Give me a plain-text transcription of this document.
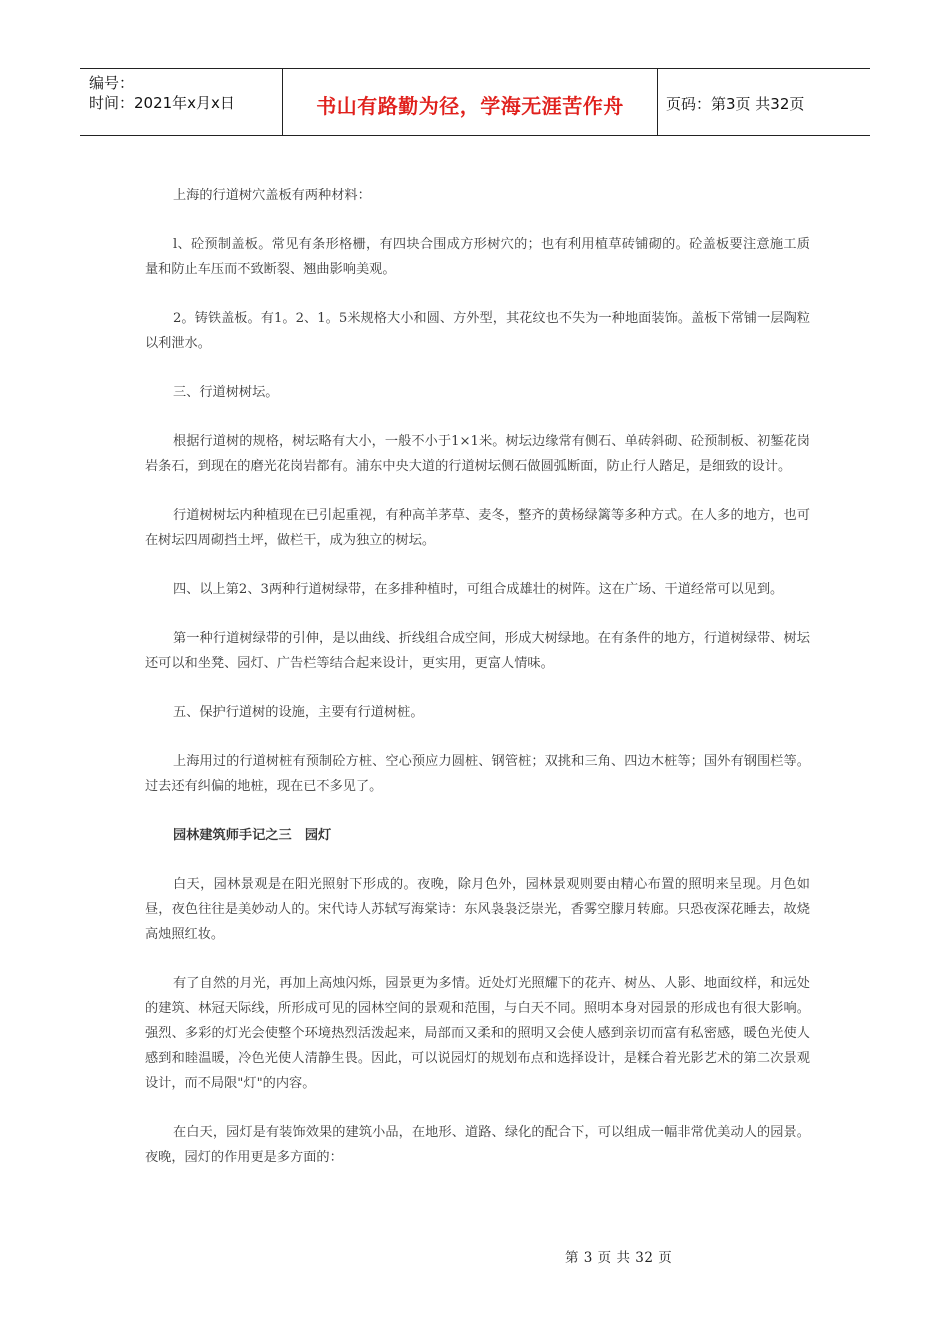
编号：
时间：2021年x月x日	书山有路勤为径，学海无涯苦作舟	页码：第3页 共32页

上海的行道树穴盖板有两种材料：

l、砼预制盖板。常见有条形格栅，有四块合围成方形树穴的；也有利用植草砖铺砌的。砼盖板要注意施工质量和防止车压而不致断裂、翘曲影响美观。

2。铸铁盖板。有1。2、1。5米规格大小和圆、方外型，其花纹也不失为一种地面装饰。盖板下常铺一层陶粒以利泄水。

三、行道树树坛。

根据行道树的规格，树坛略有大小，一般不小于1×1米。树坛边缘常有侧石、单砖斜砌、砼预制板、初錾花岗岩条石，到现在的磨光花岗岩都有。浦东中央大道的行道树坛侧石做圆弧断面，防止行人踏足，是细致的设计。

行道树树坛内种植现在已引起重视，有种高羊茅草、麦冬，整齐的黄杨绿篱等多种方式。在人多的地方，也可在树坛四周砌挡土坪，做栏干，成为独立的树坛。

四、以上第2、3两种行道树绿带，在多排种植时，可组合成雄壮的树阵。这在广场、干道经常可以见到。

第一种行道树绿带的引伸，是以曲线、折线组合成空间，形成大树绿地。在有条件的地方，行道树绿带、树坛还可以和坐凳、园灯、广告栏等结合起来设计，更实用，更富人情味。

五、保护行道树的设施，主要有行道树桩。

上海用过的行道树桩有预制砼方桩、空心预应力圆桩、钢管桩；双挑和三角、四边木桩等；国外有钢围栏等。过去还有纠偏的地桩，现在已不多见了。

园林建筑师手记之三　园灯

白天，园林景观是在阳光照射下形成的。夜晚，除月色外，园林景观则要由精心布置的照明来呈现。月色如昼，夜色往往是美妙动人的。宋代诗人苏轼写海棠诗：东风袅袅泛崇光，香雾空朦月转廊。只恐夜深花睡去，故烧高烛照红妆。

有了自然的月光，再加上高烛闪烁，园景更为多情。近处灯光照耀下的花卉、树丛、人影、地面纹样，和远处的建筑、林冠天际线，所形成可见的园林空间的景观和范围，与白天不同。照明本身对园景的形成也有很大影响。强烈、多彩的灯光会使整个环境热烈活泼起来，局部而又柔和的照明又会使人感到亲切而富有私密感，暖色光使人感到和睦温暖，冷色光使人清静生畏。因此，可以说园灯的规划布点和选择设计，是糅合着光影艺术的第二次景观设计，而不局限"灯"的内容。

在白天，园灯是有装饰效果的建筑小品，在地形、道路、绿化的配合下，可以组成一幅非常优美动人的园景。夜晚，园灯的作用更是多方面的：

第 3 页 共 32 页
